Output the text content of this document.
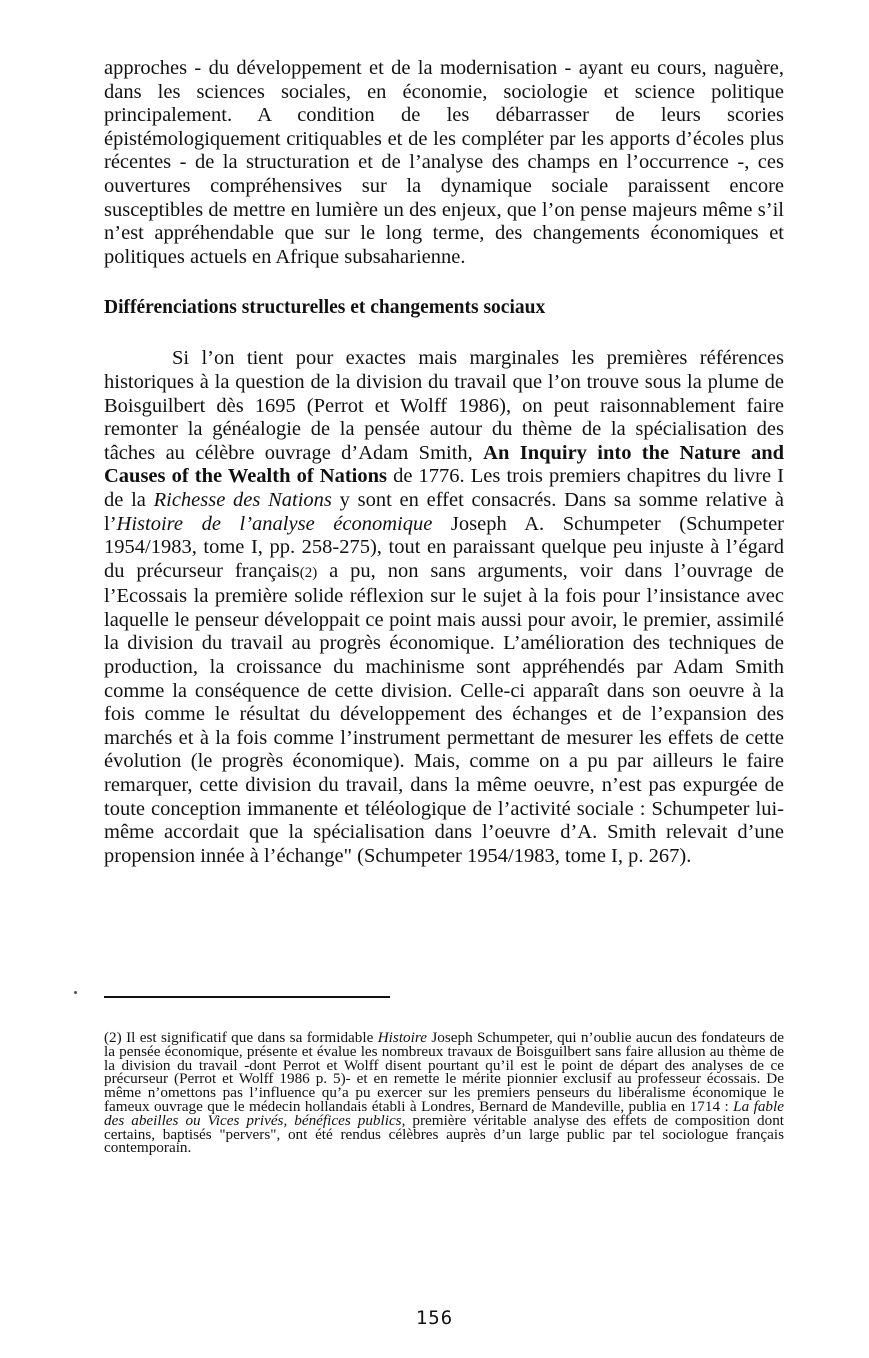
approches - du développement et de la modernisation - ayant eu cours, naguère, dans les sciences sociales, en économie, sociologie et science politique principalement. A condition de les débarrasser de leurs scories épistémologiquement critiquables et de les compléter par les apports d’écoles plus récentes - de la structuration et de l’analyse des champs en l’occurrence -, ces ouvertures compréhensives sur la dynamique sociale paraissent encore susceptibles de mettre en lumière un des enjeux, que l’on pense majeurs même s’il n’est appréhendable que sur le long terme, des changements économiques et politiques actuels en Afrique subsaharienne.

Différenciations structurelles et changements sociaux

Si l’on tient pour exactes mais marginales les premières références historiques à la question de la division du travail que l’on trouve sous la plume de Boisguilbert dès 1695 (Perrot et Wolff 1986), on peut raisonnablement faire remonter la généalogie de la pensée autour du thème de la spécialisation des tâches au célèbre ouvrage d’Adam Smith, An Inquiry into the Nature and Causes of the Wealth of Nations de 1776. Les trois premiers chapitres du livre I de la Richesse des Nations y sont en effet consacrés. Dans sa somme relative à l’Histoire de l’analyse économique Joseph A. Schumpeter (Schumpeter 1954/1983, tome I, pp. 258-275), tout en paraissant quelque peu injuste à l’égard du précurseur français(2) a pu, non sans arguments, voir dans l’ouvrage de l’Ecossais la première solide réflexion sur le sujet à la fois pour l’insistance avec laquelle le penseur développait ce point mais aussi pour avoir, le premier, assimilé la division du travail au progrès économique. L’amélioration des techniques de production, la croissance du machinisme sont appréhendés par Adam Smith comme la conséquence de cette division. Celle-ci apparaît dans son oeuvre à la fois comme le résultat du développement des échanges et de l’expansion des marchés et à la fois comme l’instrument permettant de mesurer les effets de cette évolution (le progrès économique). Mais, comme on a pu par ailleurs le faire remarquer, cette division du travail, dans la même oeuvre, n’est pas expurgée de toute conception immanente et téléologique de l’activité sociale : Schumpeter lui-même accordait que la spécialisation dans l’oeuvre d’A. Smith relevait d’une propension innée à l’échange" (Schumpeter 1954/1983, tome I, p. 267).

(2) Il est significatif que dans sa formidable Histoire Joseph Schumpeter, qui n’oublie aucun des fondateurs de la pensée économique, présente et évalue les nombreux travaux de Boisguilbert sans faire allusion au thème de la division du travail -dont Perrot et Wolff disent pourtant qu’il est le point de départ des analyses de ce précurseur (Perrot et Wolff 1986 p. 5)- et en remette le mérite pionnier exclusif au professeur écossais. De même n’omettons pas l’influence qu’a pu exercer sur les premiers penseurs du libéralisme économique le fameux ouvrage que le médecin hollandais établi à Londres, Bernard de Mandeville, publia en 1714 : La fable des abeilles ou Vices privés, bénéfices publics, première véritable analyse des effets de composition dont certains, baptisés "pervers", ont été rendus célèbres auprès d’un large public par tel sociologue français contemporain.

156
